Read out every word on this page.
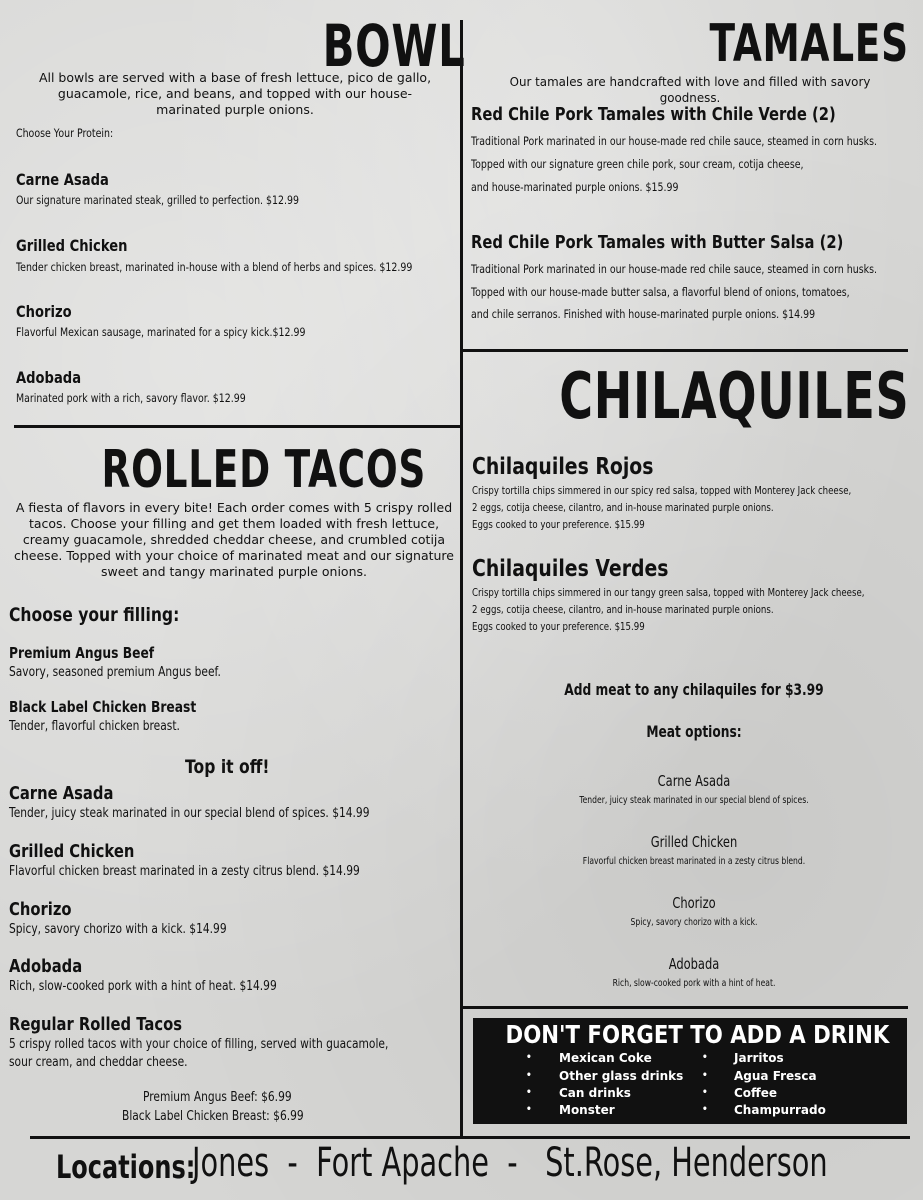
BOWL
All bowls are served with a base of fresh lettuce, pico de gallo, guacamole, rice, and beans, and topped with our house-marinated purple onions.
Choose Your Protein:
Carne Asada
Our signature marinated steak, grilled to perfection. $12.99
Grilled Chicken
Tender chicken breast, marinated in-house with a blend of herbs and spices. $12.99
Chorizo
Flavorful Mexican sausage, marinated for a spicy kick.$12.99
Adobada
Marinated pork with a rich, savory flavor. $12.99
TAMALES
Our tamales are handcrafted with love and filled with savory goodness.
Red Chile Pork Tamales with Chile Verde (2)
Traditional Pork marinated in our house-made red chile sauce, steamed in corn husks.
Topped with our signature green chile pork, sour cream, cotija cheese,
and house-marinated purple onions. $15.99
Red Chile Pork Tamales with Butter Salsa (2)
Traditional Pork marinated in our house-made red chile sauce, steamed in corn husks.
Topped with our house-made butter salsa, a flavorful blend of onions, tomatoes,
and chile serranos. Finished with house-marinated purple onions. $14.99
ROLLED TACOS
A fiesta of flavors in every bite! Each order comes with 5 crispy rolled tacos. Choose your filling and get them loaded with fresh lettuce, creamy guacamole, shredded cheddar cheese, and crumbled cotija cheese. Topped with your choice of marinated meat and our signature sweet and tangy marinated purple onions.
Choose your filling:
Premium Angus Beef
Savory, seasoned premium Angus beef.
Black Label Chicken Breast
Tender, flavorful chicken breast.
Top it off!
Carne Asada
Tender, juicy steak marinated in our special blend of spices. $14.99
Grilled Chicken
Flavorful chicken breast marinated in a zesty citrus blend. $14.99
Chorizo
Spicy, savory chorizo with a kick. $14.99
Adobada
Rich, slow-cooked pork with a hint of heat. $14.99
Regular Rolled Tacos
5 crispy rolled tacos with your choice of filling, served with guacamole,
sour cream, and cheddar cheese.
Premium Angus Beef: $6.99
Black Label Chicken Breast: $6.99
CHILAQUILES
Chilaquiles Rojos
Crispy tortilla chips simmered in our spicy red salsa, topped with Monterey Jack cheese,
2 eggs, cotija cheese, cilantro, and in-house marinated purple onions.
Eggs cooked to your preference. $15.99
Chilaquiles Verdes
Crispy tortilla chips simmered in our tangy green salsa, topped with Monterey Jack cheese,
2 eggs, cotija cheese, cilantro, and in-house marinated purple onions.
Eggs cooked to your preference. $15.99
Add meat to any chilaquiles for $3.99
Meat options:
Carne Asada
Tender, juicy steak marinated in our special blend of spices.
Grilled Chicken
Flavorful chicken breast marinated in a zesty citrus blend.
Chorizo
Spicy, savory chorizo with a kick.
Adobada
Rich, slow-cooked pork with a hint of heat.
DON'T FORGET TO ADD A DRINK
• Mexican Coke
• Other glass drinks
• Can drinks
• Monster
• Jarritos
• Agua Fresca
• Coffee
• Champurrado
Locations:
Jones  -  Fort Apache  -   St.Rose, Henderson
